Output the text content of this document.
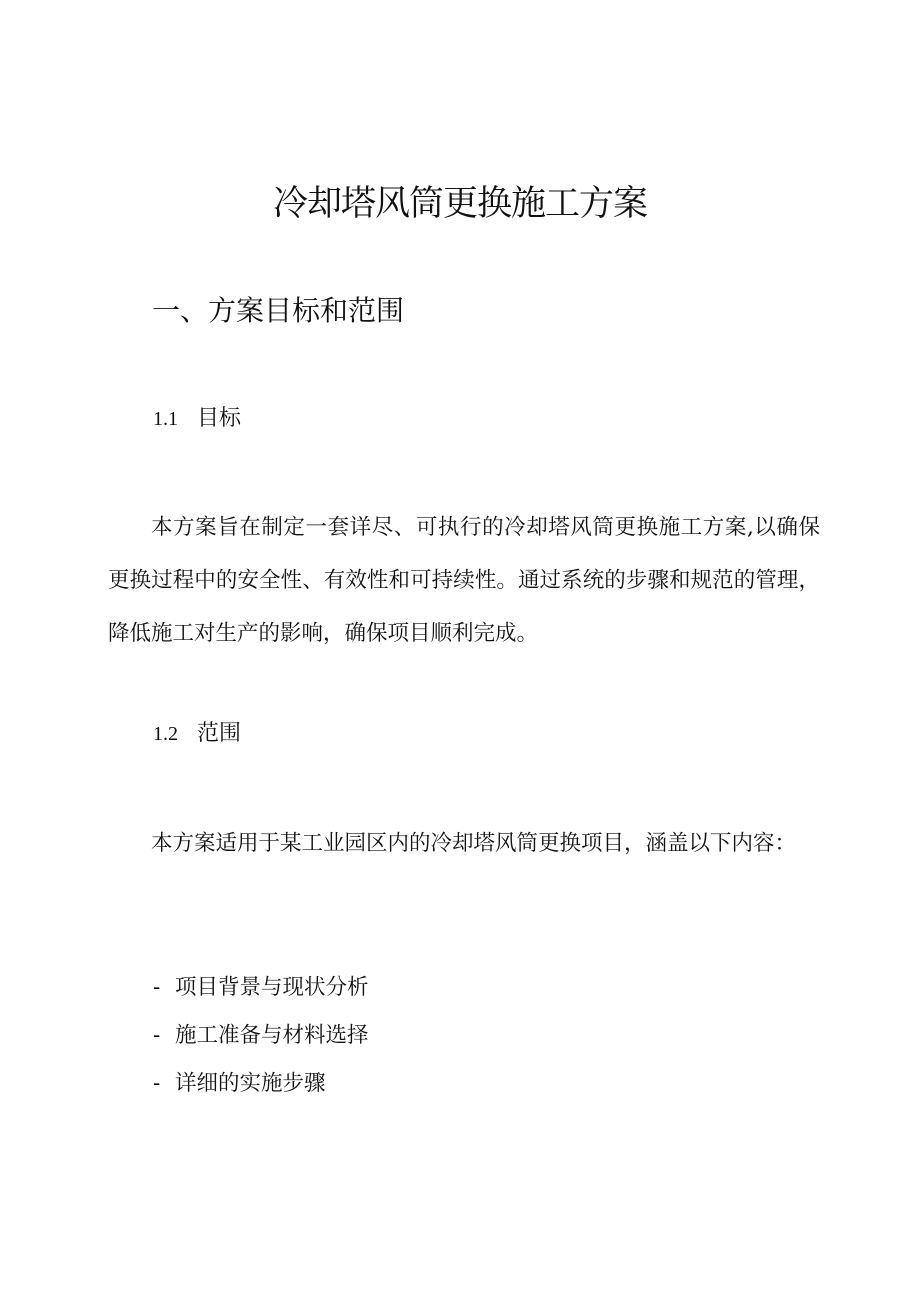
冷却塔风筒更换施工方案
一、方案目标和范围
1.1 目标

本方案旨在制定一套详尽、可执行的冷却塔风筒更换施工方案,以确保更换过程中的安全性、有效性和可持续性。通过系统的步骤和规范的管理，降低施工对生产的影响，确保项目顺利完成。

1.2 范围

本方案适用于某工业园区内的冷却塔风筒更换项目，涵盖以下内容：

- 项目背景与现状分析
- 施工准备与材料选择
- 详细的实施步骤
